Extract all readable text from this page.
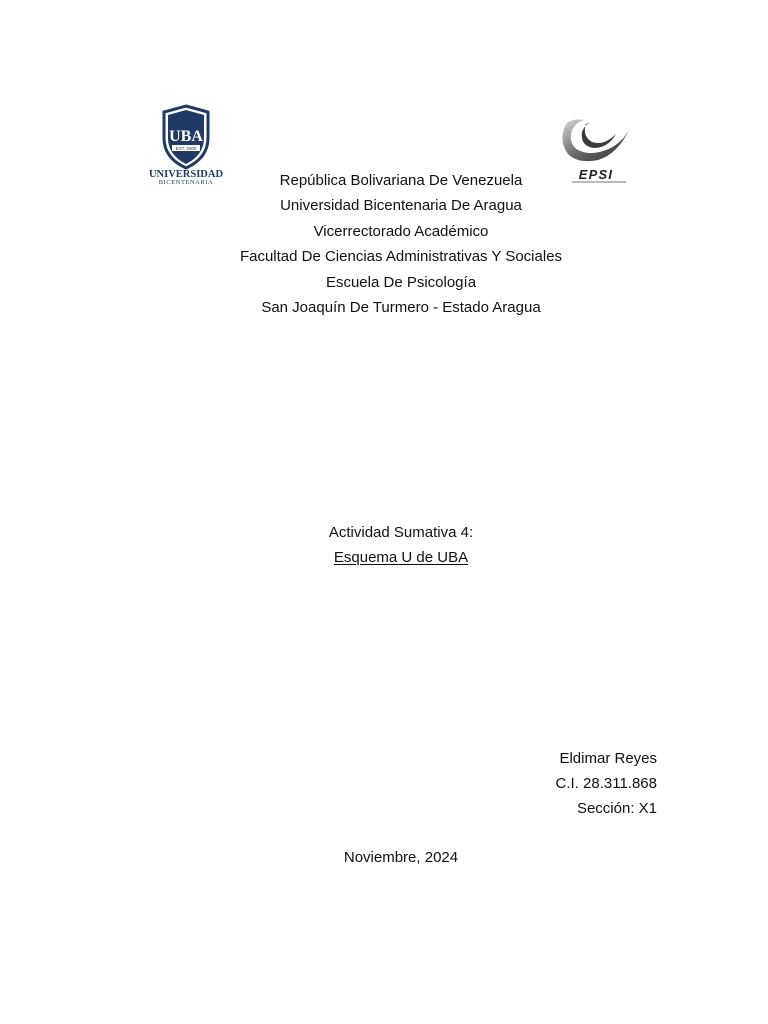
UBA
EST. 2000
UNIVERSIDAD
BICENTENARIA
EPSI
República Bolivariana De Venezuela
Universidad Bicentenaria De Aragua
Vicerrectorado Académico
Facultad De Ciencias Administrativas Y Sociales
Escuela De Psicología
San Joaquín De Turmero - Estado Aragua
Actividad Sumativa 4:
Esquema U de UBA
Eldimar Reyes
C.I. 28.311.868
Sección: X1
Noviembre, 2024
